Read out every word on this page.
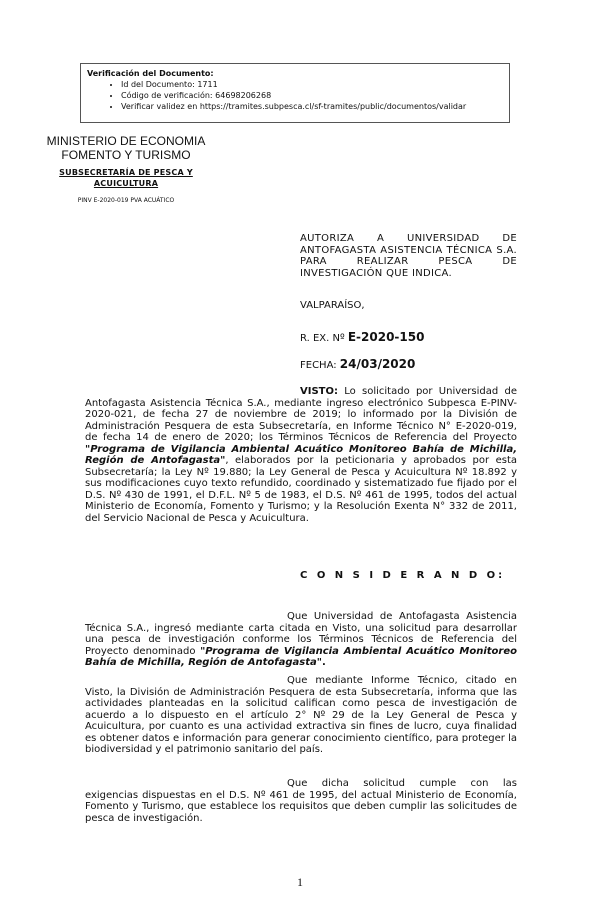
Verificación del Documento:
• Id del Documento: 1711
• Código de verificación: 64698206268
• Verificar validez en https://tramites.subpesca.cl/sf-tramites/public/documentos/validar
MINISTERIO DE ECONOMIA
FOMENTO Y TURISMO
SUBSECRETARÍA DE PESCA Y ACUICULTURA
PINV E-2020-019 PVA ACUÁTICO
AUTORIZA A UNIVERSIDAD DE ANTOFAGASTA ASISTENCIA TÉCNICA S.A. PARA REALIZAR PESCA DE INVESTIGACIÓN QUE INDICA.
VALPARAÍSO,
R. EX. Nº E-2020-150
FECHA: 24/03/2020
VISTO: Lo solicitado por Universidad de Antofagasta Asistencia Técnica S.A., mediante ingreso electrónico Subpesca E-PINV-2020-021, de fecha 27 de noviembre de 2019; lo informado por la División de Administración Pesquera de esta Subsecretaría, en Informe Técnico N° E-2020-019, de fecha 14 de enero de 2020; los Términos Técnicos de Referencia del Proyecto "Programa de Vigilancia Ambiental Acuático Monitoreo Bahía de Michilla, Región de Antofagasta", elaborados por la peticionaria y aprobados por esta Subsecretaría; la Ley Nº 19.880; la Ley General de Pesca y Acuicultura Nº 18.892 y sus modificaciones cuyo texto refundido, coordinado y sistematizado fue fijado por el D.S. Nº 430 de 1991, el D.F.L. Nº 5 de 1983, el D.S. Nº 461 de 1995, todos del actual Ministerio de Economía, Fomento y Turismo; y la Resolución Exenta N° 332 de 2011, del Servicio Nacional de Pesca y Acuicultura.
C O N S I D E R A N D O:
Que Universidad de Antofagasta Asistencia Técnica S.A., ingresó mediante carta citada en Visto, una solicitud para desarrollar una pesca de investigación conforme los Términos Técnicos de Referencia del Proyecto denominado "Programa de Vigilancia Ambiental Acuático Monitoreo Bahía de Michilla, Región de Antofagasta".
Que mediante Informe Técnico, citado en Visto, la División de Administración Pesquera de esta Subsecretaría, informa que las actividades planteadas en la solicitud califican como pesca de investigación de acuerdo a lo dispuesto en el artículo 2° Nº 29 de la Ley General de Pesca y Acuicultura, por cuanto es una actividad extractiva sin fines de lucro, cuya finalidad es obtener datos e información para generar conocimiento científico, para proteger la biodiversidad y el patrimonio sanitario del país.
Que dicha solicitud cumple con las exigencias dispuestas en el D.S. Nº 461 de 1995, del actual Ministerio de Economía, Fomento y Turismo, que establece los requisitos que deben cumplir las solicitudes de pesca de investigación.
1
